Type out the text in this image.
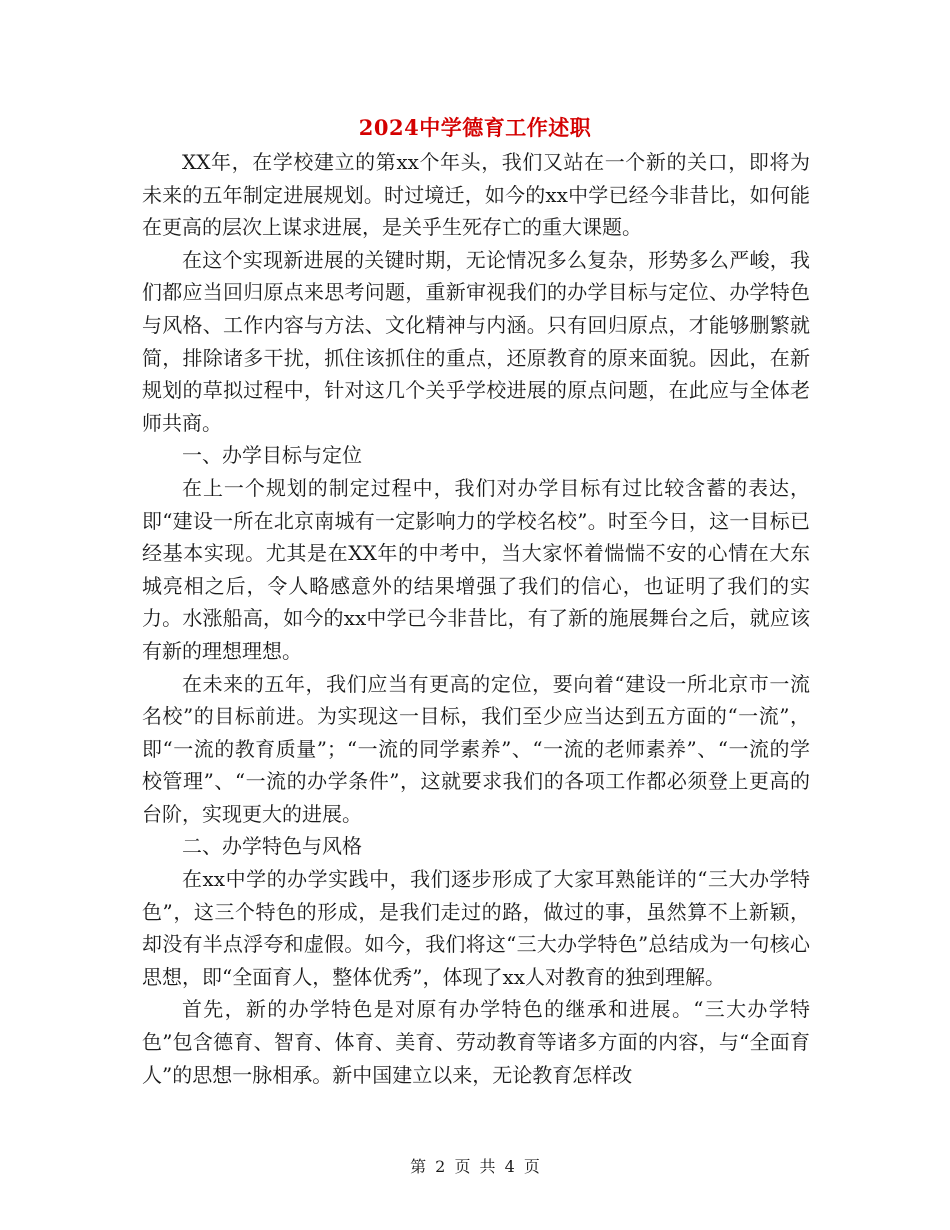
2024中学德育工作述职

XX年，在学校建立的第xx个年头，我们又站在一个新的关口，即将为未来的五年制定进展规划。时过境迁，如今的xx中学已经今非昔比，如何能在更高的层次上谋求进展，是关乎生死存亡的重大课题。

在这个实现新进展的关键时期，无论情况多么复杂，形势多么严峻，我们都应当回归原点来思考问题，重新审视我们的办学目标与定位、办学特色与风格、工作内容与方法、文化精神与内涵。只有回归原点，才能够删繁就简，排除诸多干扰，抓住该抓住的重点，还原教育的原来面貌。因此，在新规划的草拟过程中，针对这几个关乎学校进展的原点问题，在此应与全体老师共商。

一、办学目标与定位

在上一个规划的制定过程中，我们对办学目标有过比较含蓄的表达，即“建设一所在北京南城有一定影响力的学校名校”。时至今日，这一目标已经基本实现。尤其是在XX年的中考中，当大家怀着惴惴不安的心情在大东城亮相之后，令人略感意外的结果增强了我们的信心，也证明了我们的实力。水涨船高，如今的xx中学已今非昔比，有了新的施展舞台之后，就应该有新的理想理想。

在未来的五年，我们应当有更高的定位，要向着“建设一所北京市一流名校”的目标前进。为实现这一目标，我们至少应当达到五方面的“一流”，即“一流的教育质量”；“一流的同学素养”、“一流的老师素养”、“一流的学校管理”、“一流的办学条件”，这就要求我们的各项工作都必须登上更高的台阶，实现更大的进展。

二、办学特色与风格

在xx中学的办学实践中，我们逐步形成了大家耳熟能详的“三大办学特色”，这三个特色的形成，是我们走过的路，做过的事，虽然算不上新颖，却没有半点浮夸和虚假。如今，我们将这“三大办学特色”总结成为一句核心思想，即“全面育人，整体优秀”，体现了xx人对教育的独到理解。

首先，新的办学特色是对原有办学特色的继承和进展。“三大办学特色”包含德育、智育、体育、美育、劳动教育等诸多方面的内容，与“全面育人”的思想一脉相承。新中国建立以来，无论教育怎样改

第 2 页 共 4 页
